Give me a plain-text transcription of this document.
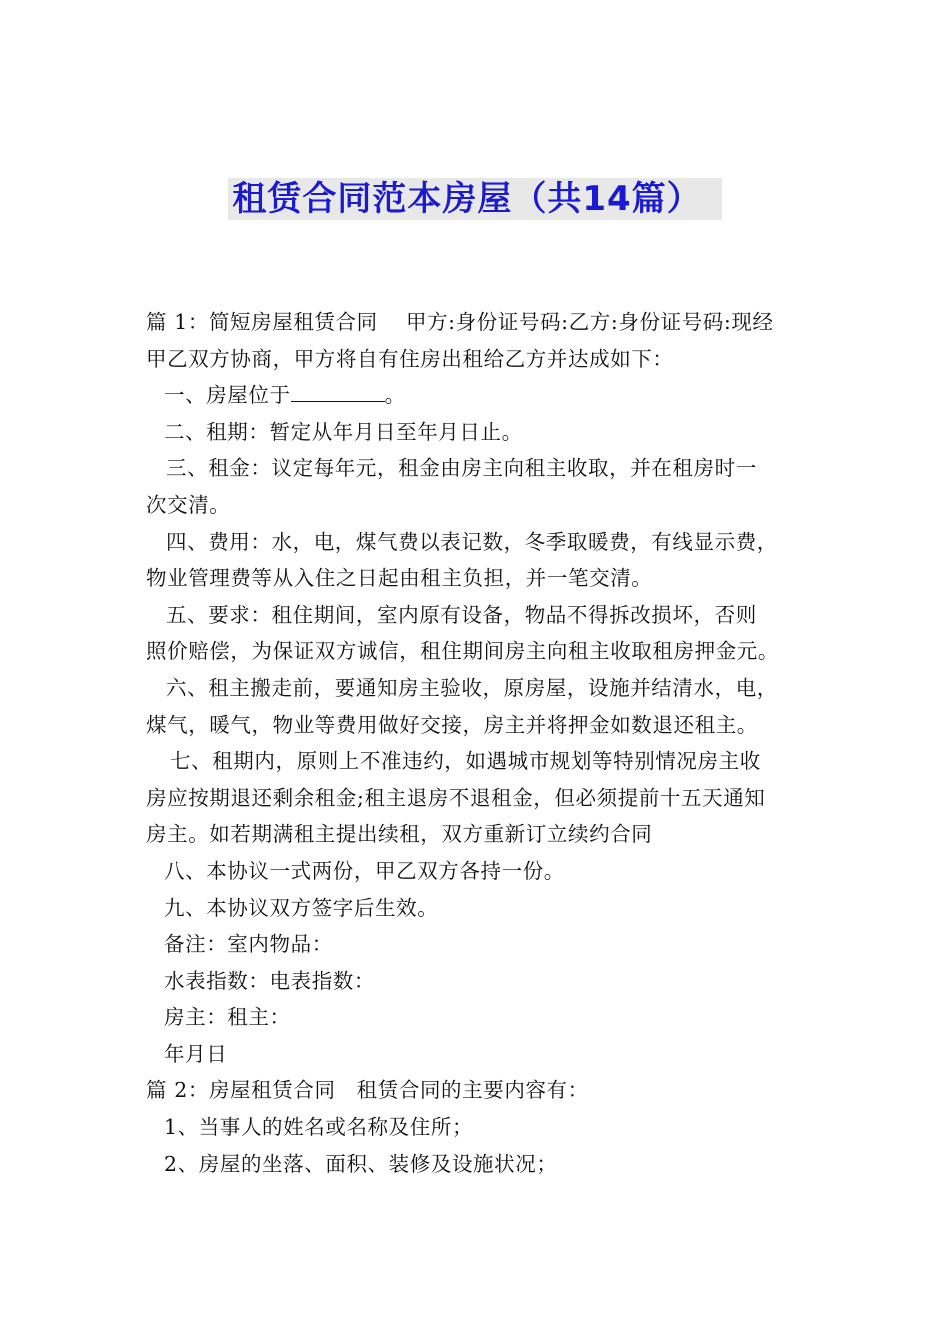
租赁合同范本房屋（共14篇）

篇 1：简短房屋租赁合同　 甲方:身份证号码:乙方:身份证号码:现经

甲乙双方协商，甲方将自有住房出租给乙方并达成如下：

一、房屋位于	。

二、租期：暂定从年月日至年月日止。

三、租金：议定每年元，租金由房主向租主收取，并在租房时一

次交清。

四、费用：水，电，煤气费以表记数，冬季取暖费，有线显示费，

物业管理费等从入住之日起由租主负担，并一笔交清。

五、要求：租住期间，室内原有设备，物品不得拆改损坏，否则

照价赔偿，为保证双方诚信，租住期间房主向租主收取租房押金元。

六、租主搬走前，要通知房主验收，原房屋，设施并结清水，电，

煤气，暖气，物业等费用做好交接，房主并将押金如数退还租主。

七、租期内，原则上不准违约，如遇城市规划等特别情况房主收

房应按期退还剩余租金;租主退房不退租金，但必须提前十五天通知

房主。如若期满租主提出续租，双方重新订立续约合同

八、本协议一式两份，甲乙双方各持一份。

九、本协议双方签字后生效。

备注：室内物品：

水表指数：电表指数：

房主：租主：

年月日

篇 2：房屋租赁合同　租赁合同的主要内容有：

1、当事人的姓名或名称及住所；

2、房屋的坐落、面积、装修及设施状况；
